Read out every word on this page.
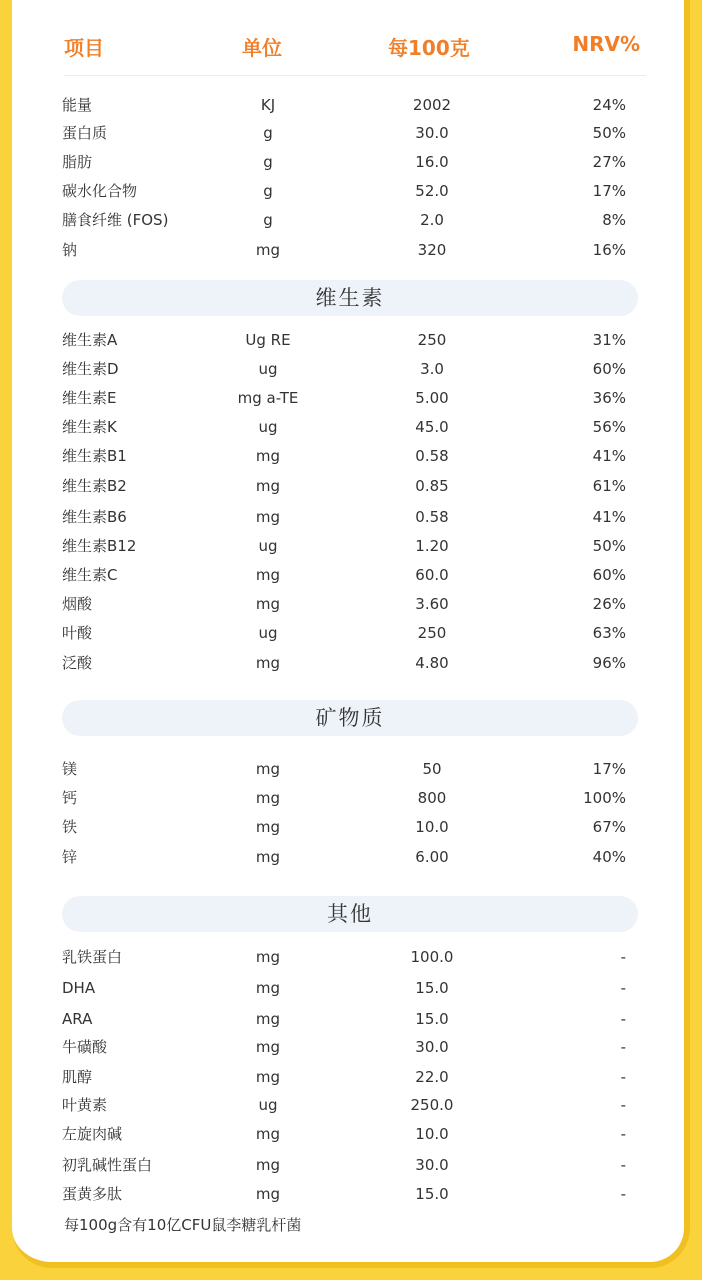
项目	单位	每100克	NRV%
能量	KJ	2002	24%
蛋白质	g	30.0	50%
脂肪	g	16.0	27%
碳水化合物	g	52.0	17%
膳食纤维 (FOS)	g	2.0	8%
钠	mg	320	16%
维生素
维生素A	Ug RE	250	31%
维生素D	ug	3.0	60%
维生素E	mg a-TE	5.00	36%
维生素K	ug	45.0	56%
维生素B1	mg	0.58	41%
维生素B2	mg	0.85	61%
维生素B6	mg	0.58	41%
维生素B12	ug	1.20	50%
维生素C	mg	60.0	60%
烟酸	mg	3.60	26%
叶酸	ug	250	63%
泛酸	mg	4.80	96%
矿物质
镁	mg	50	17%
钙	mg	800	100%
铁	mg	10.0	67%
锌	mg	6.00	40%
其他
乳铁蛋白	mg	100.0	-
DHA	mg	15.0	-
ARA	mg	15.0	-
牛磺酸	mg	30.0	-
肌醇	mg	22.0	-
叶黄素	ug	250.0	-
左旋肉碱	mg	10.0	-
初乳碱性蛋白	mg	30.0	-
蛋黄多肽	mg	15.0	-
每100g含有10亿CFU鼠李糖乳杆菌
